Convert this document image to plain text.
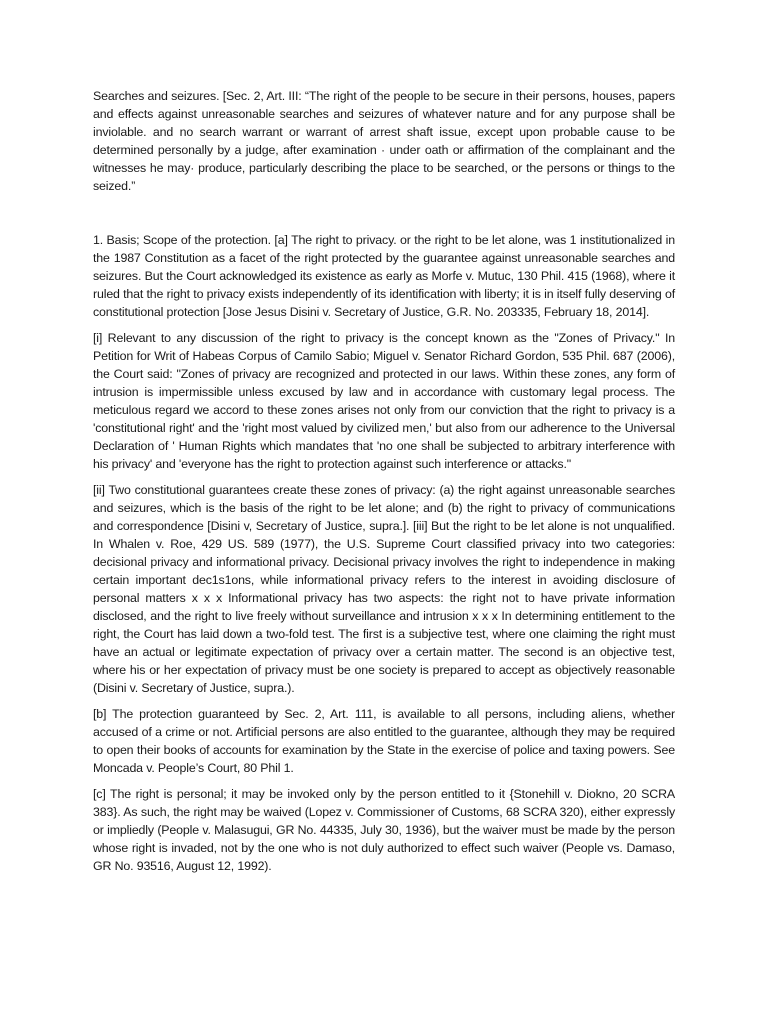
Searches and seizures. [Sec. 2, Art. III: “The right of the people to be secure in their persons, houses, papers and effects against unreasonable searches and seizures of whatever nature and for any purpose shall be inviolable. and no search warrant or warrant of arrest shaft issue, except upon probable cause to be determined personally by a judge, after examination · under oath or affirmation of the complainant and the witnesses he may· produce, particularly describing the place to be searched, or the persons or things to the seized.”

1. Basis; Scope of the protection. [a] The right to privacy. or the right to be let alone, was 1 institutionalized in the 1987 Constitution as a facet of the right protected by the guarantee against unreasonable searches and seizures. But the Court acknowledged its existence as early as Morfe v. Mutuc, 130 Phil. 415 (1968), where it ruled that the right to privacy exists independently of its identification with liberty; it is in itself fully deserving of constitutional protection [Jose Jesus Disini v. Secretary of Justice, G.R. No. 203335, February 18, 2014].

[i] Relevant to any discussion of the right to privacy is the concept known as the "Zones of Privacy." In Petition for Writ of Habeas Corpus of Camilo Sabio; Miguel v. Senator Richard Gordon, 535 Phil. 687 (2006), the Court said: "Zones of privacy are recognized and protected in our laws. Within these zones, any form of intrusion is impermissible unless excused by law and in accordance with customary legal process. The meticulous regard we accord to these zones arises not only from our conviction that the right to privacy is a 'constitutional right' and the 'right most valued by civilized men,' but also from our adherence to the Universal Declaration of ' Human Rights which mandates that 'no one shall be subjected to arbitrary interference with his privacy' and 'everyone has the right to protection against such interference or attacks."

[ii] Two constitutional guarantees create these zones of privacy: (a) the right against unreasonable searches and seizures, which is the basis of the right to be let alone; and (b) the right to privacy of communications and correspondence [Disini v, Secretary of Justice, supra.]. [iii] But the right to be let alone is not unqualified. In Whalen v. Roe, 429 US. 589 (1977), the U.S. Supreme Court classified privacy into two categories: decisional privacy and informational privacy. Decisional privacy involves the right to independence in making certain important dec1s1ons, while informational privacy refers to the interest in avoiding disclosure of personal matters x x x Informational privacy has two aspects: the right not to have private information disclosed, and the right to live freely without surveillance and intrusion x x x In determining entitlement to the right, the Court has laid down a two-fold test. The first is a subjective test, where one claiming the right must have an actual or legitimate expectation of privacy over a certain matter. The second is an objective test, where his or her expectation of privacy must be one society is prepared to accept as objectively reasonable (Disini v. Secretary of Justice, supra.).

[b] The protection guaranteed by Sec. 2, Art. 111, is available to all persons, including aliens, whether accused of a crime or not. Artificial persons are also entitled to the guarantee, although they may be required to open their books of accounts for examination by the State in the exercise of police and taxing powers. See Moncada v. People’s Court, 80 Phil 1.

[c] The right is personal; it may be invoked only by the person entitled to it {Stonehill v. Diokno, 20 SCRA 383}. As such, the right may be waived (Lopez v. Commissioner of Customs, 68 SCRA 320), either expressly or impliedly (People v. Malasugui, GR No. 44335, July 30, 1936), but the waiver must be made by the person whose right is invaded, not by the one who is not duly authorized to effect such waiver (People vs. Damaso, GR No. 93516, August 12, 1992).
